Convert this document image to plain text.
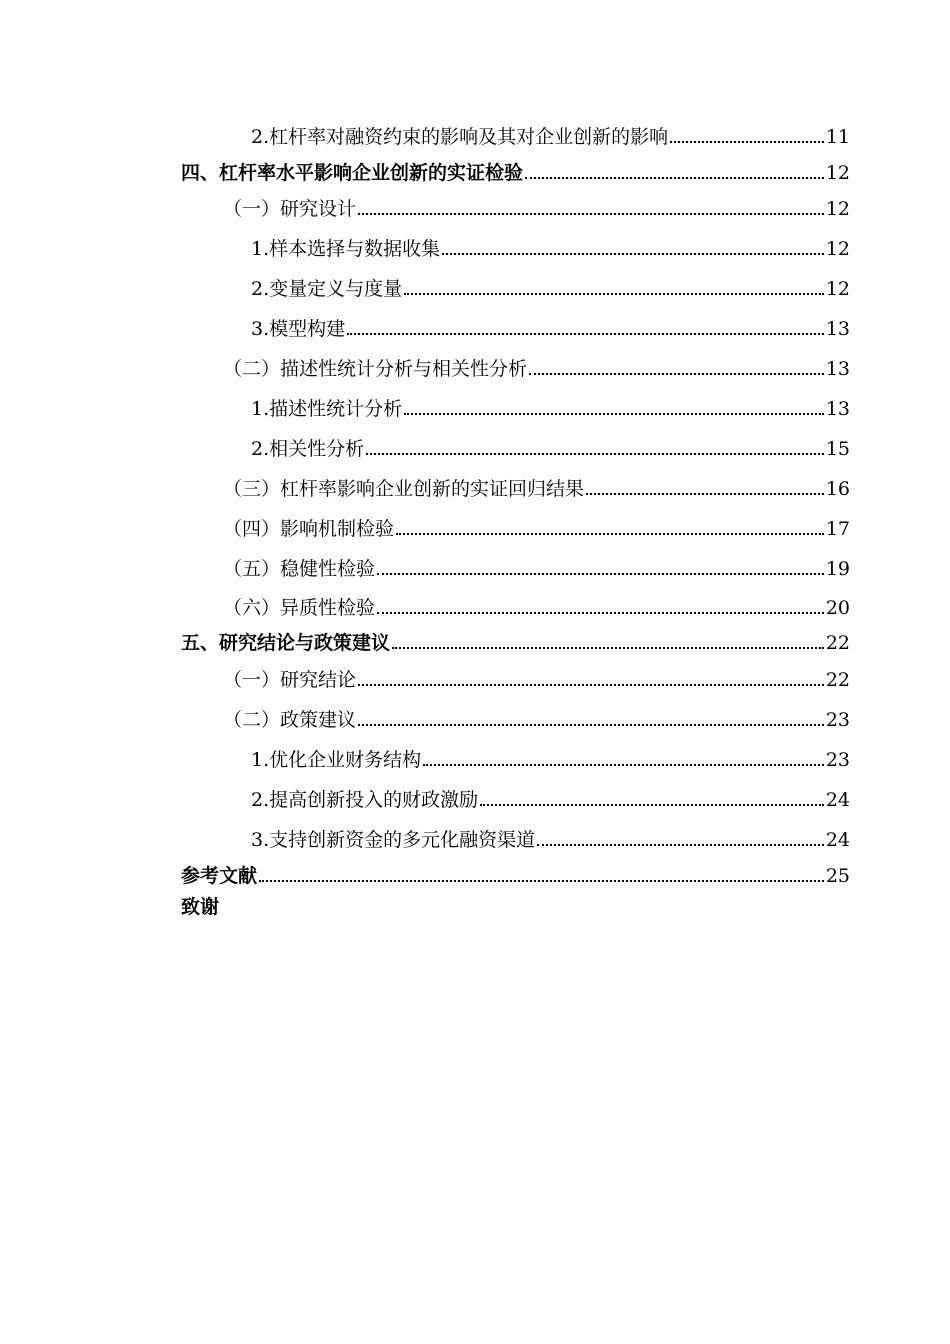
2.杠杆率对融资约束的影响及其对企业创新的影响	11
四、杠杆率水平影响企业创新的实证检验	12
（一）研究设计	12
1.样本选择与数据收集	12
2.变量定义与度量	12
3.模型构建	13
（二）描述性统计分析与相关性分析	13
1.描述性统计分析	13
2.相关性分析	15
（三）杠杆率影响企业创新的实证回归结果	16
（四）影响机制检验	17
（五）稳健性检验	19
（六）异质性检验	20
五、研究结论与政策建议	22
（一）研究结论	22
（二）政策建议	23
1.优化企业财务结构	23
2.提高创新投入的财政激励	24
3.支持创新资金的多元化融资渠道	24
参考文献	25
致谢
